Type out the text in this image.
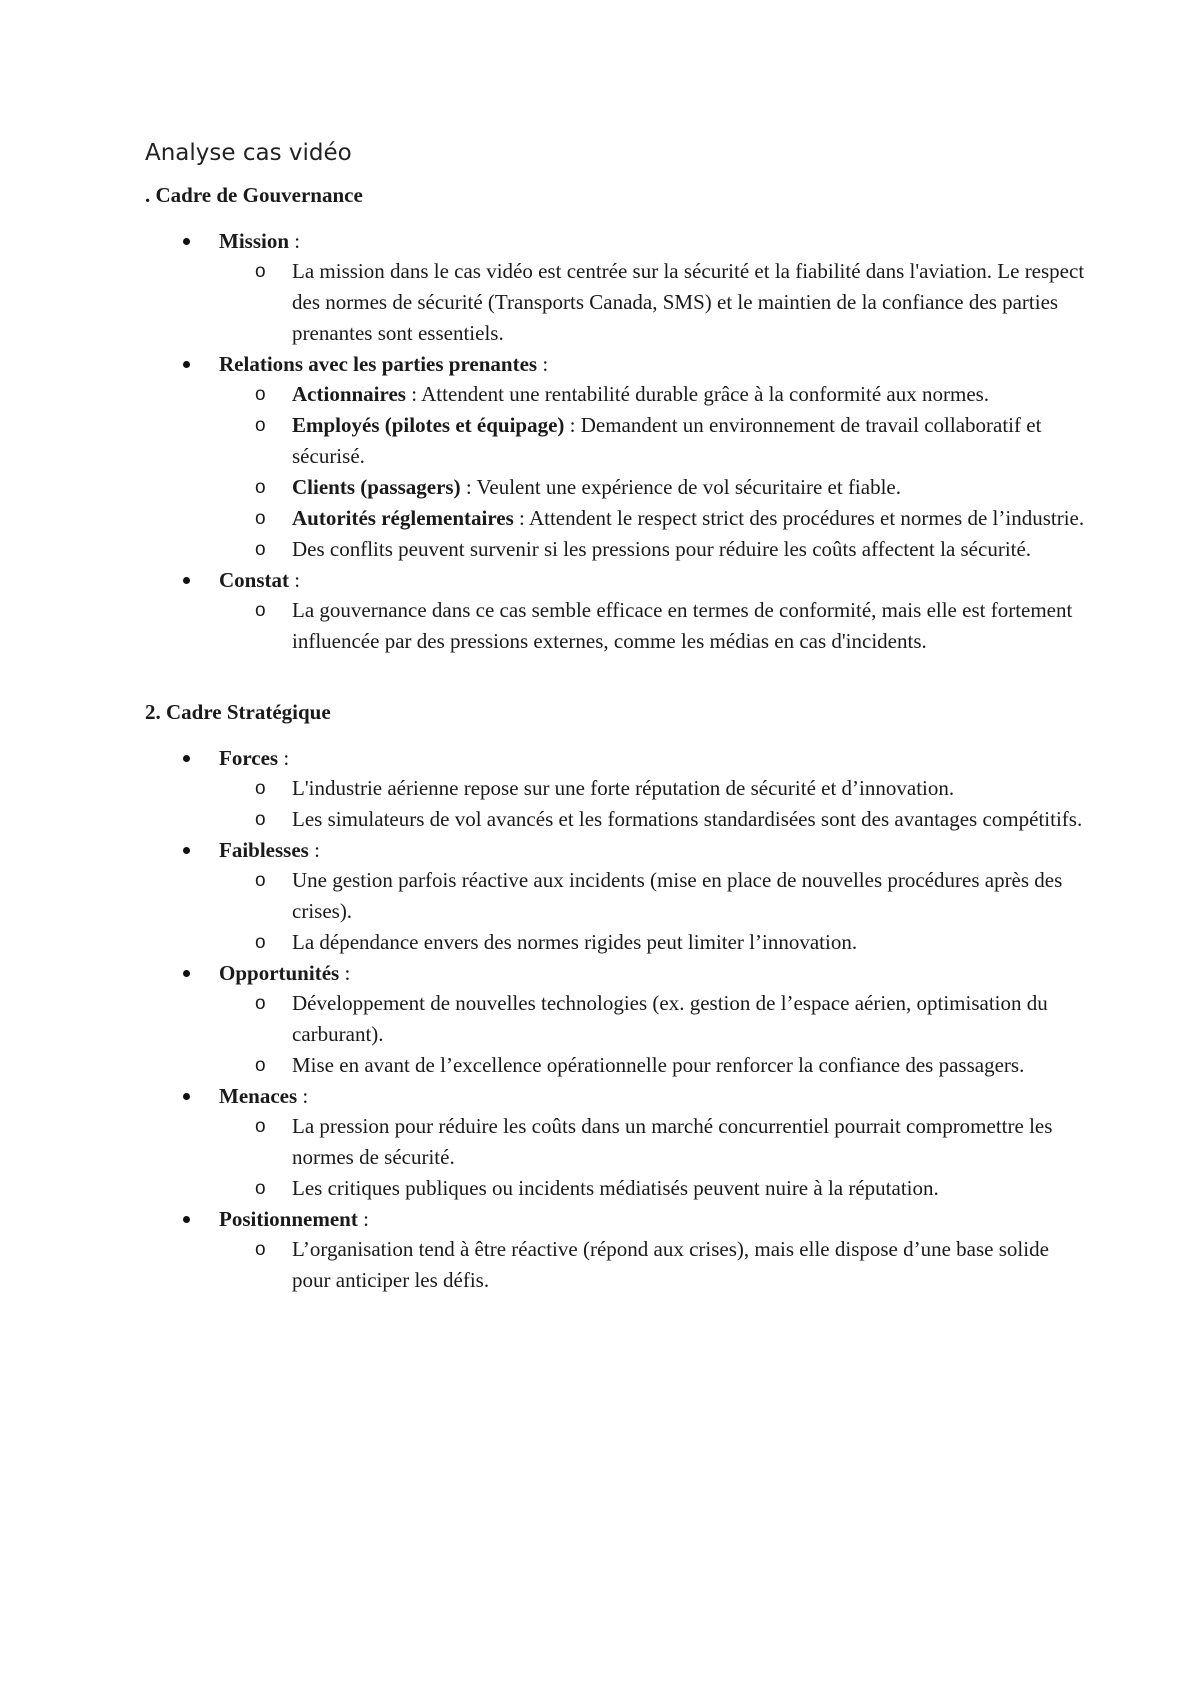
Analyse cas vidéo
. Cadre de Gouvernance
Mission :
o La mission dans le cas vidéo est centrée sur la sécurité et la fiabilité dans l'aviation. Le respect des normes de sécurité (Transports Canada, SMS) et le maintien de la confiance des parties prenantes sont essentiels.
Relations avec les parties prenantes :
o Actionnaires : Attendent une rentabilité durable grâce à la conformité aux normes.
o Employés (pilotes et équipage) : Demandent un environnement de travail collaboratif et sécurisé.
o Clients (passagers) : Veulent une expérience de vol sécuritaire et fiable.
o Autorités réglementaires : Attendent le respect strict des procédures et normes de l’industrie.
o Des conflits peuvent survenir si les pressions pour réduire les coûts affectent la sécurité.
Constat :
o La gouvernance dans ce cas semble efficace en termes de conformité, mais elle est fortement influencée par des pressions externes, comme les médias en cas d'incidents.
2. Cadre Stratégique
Forces :
o L'industrie aérienne repose sur une forte réputation de sécurité et d’innovation.
o Les simulateurs de vol avancés et les formations standardisées sont des avantages compétitifs.
Faiblesses :
o Une gestion parfois réactive aux incidents (mise en place de nouvelles procédures après des crises).
o La dépendance envers des normes rigides peut limiter l’innovation.
Opportunités :
o Développement de nouvelles technologies (ex. gestion de l’espace aérien, optimisation du carburant).
o Mise en avant de l’excellence opérationnelle pour renforcer la confiance des passagers.
Menaces :
o La pression pour réduire les coûts dans un marché concurrentiel pourrait compromettre les normes de sécurité.
o Les critiques publiques ou incidents médiatisés peuvent nuire à la réputation.
Positionnement :
o L’organisation tend à être réactive (répond aux crises), mais elle dispose d’une base solide pour anticiper les défis.
